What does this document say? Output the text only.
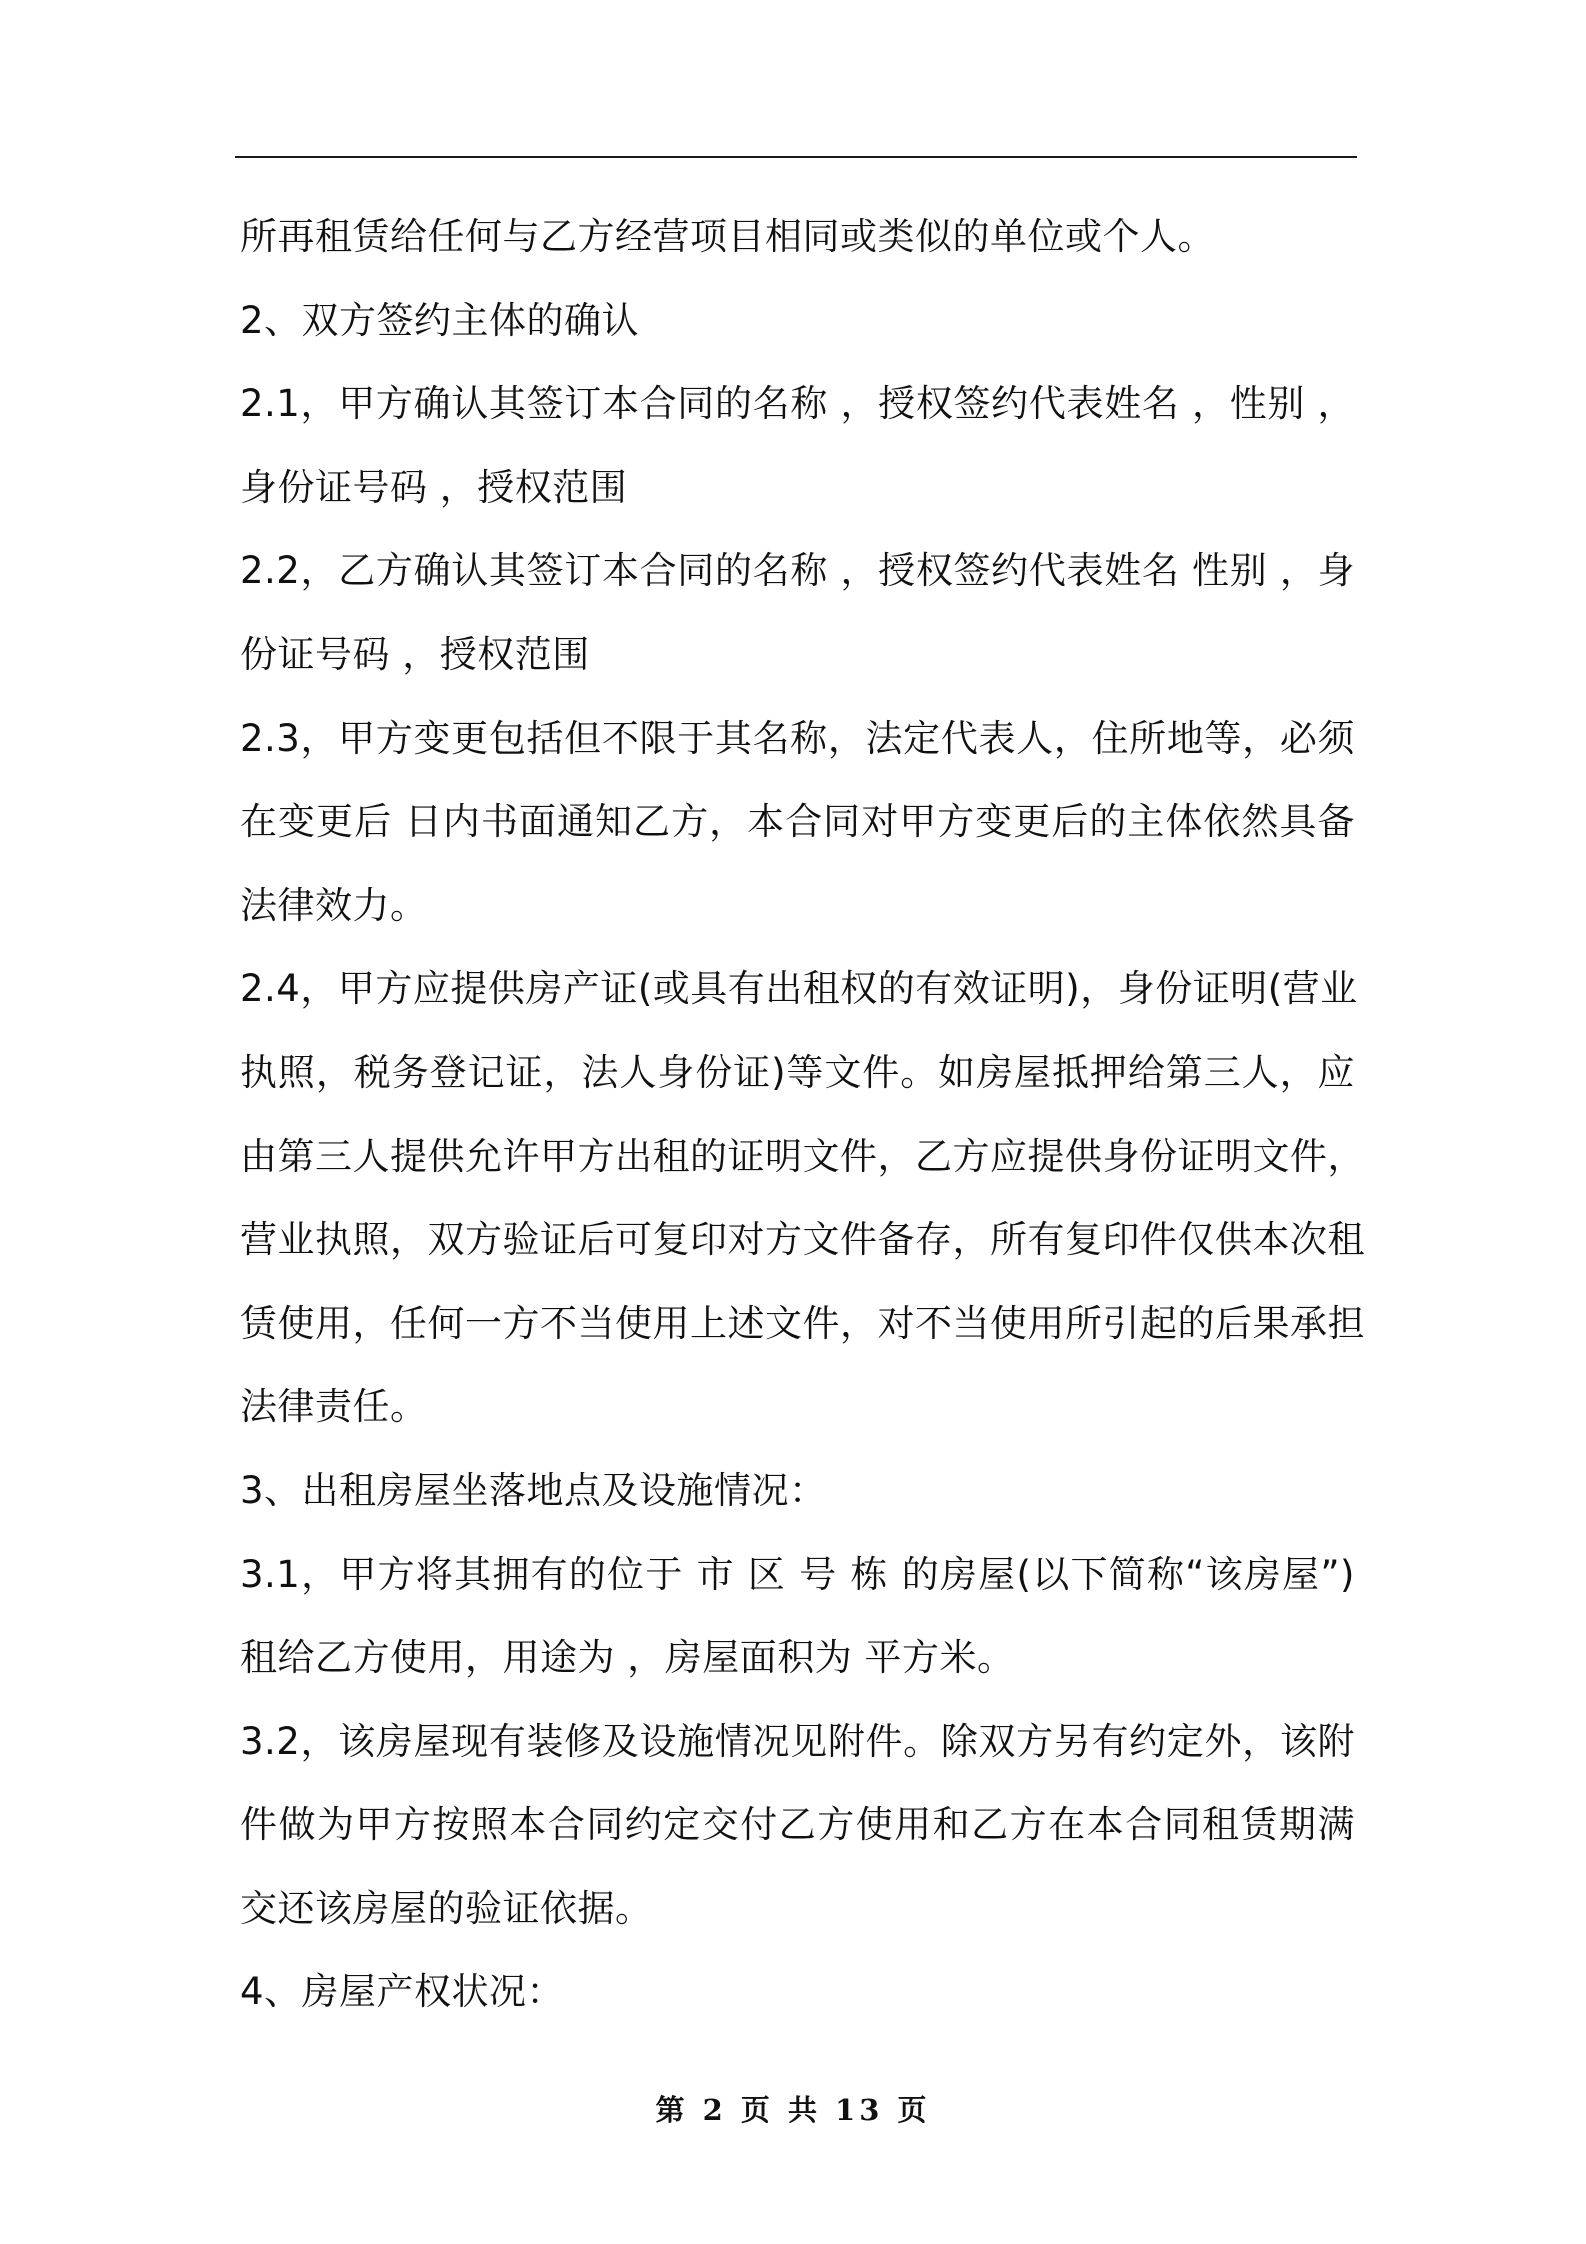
所再租赁给任何与乙方经营项目相同或类似的单位或个人。
2、双方签约主体的确认
2.1，甲方确认其签订本合同的名称 ，授权签约代表姓名 ，性别 ，
身份证号码 ，授权范围
2.2，乙方确认其签订本合同的名称 ，授权签约代表姓名 性别 ，身
份证号码 ，授权范围
2.3，甲方变更包括但不限于其名称，法定代表人，住所地等，必须
在变更后 日内书面通知乙方，本合同对甲方变更后的主体依然具备
法律效力。
2.4，甲方应提供房产证(或具有出租权的有效证明)，身份证明(营业
执照，税务登记证，法人身份证)等文件。如房屋抵押给第三人，应
由第三人提供允许甲方出租的证明文件，乙方应提供身份证明文件，
营业执照，双方验证后可复印对方文件备存，所有复印件仅供本次租
赁使用，任何一方不当使用上述文件，对不当使用所引起的后果承担
法律责任。
3、出租房屋坐落地点及设施情况：
3.1，甲方将其拥有的位于 市 区 号 栋 的房屋(以下简称“该房屋”)
租给乙方使用，用途为 ，房屋面积为 平方米。
3.2，该房屋现有装修及设施情况见附件。除双方另有约定外，该附
件做为甲方按照本合同约定交付乙方使用和乙方在本合同租赁期满
交还该房屋的验证依据。
4、房屋产权状况：
第 2 页 共 13 页
